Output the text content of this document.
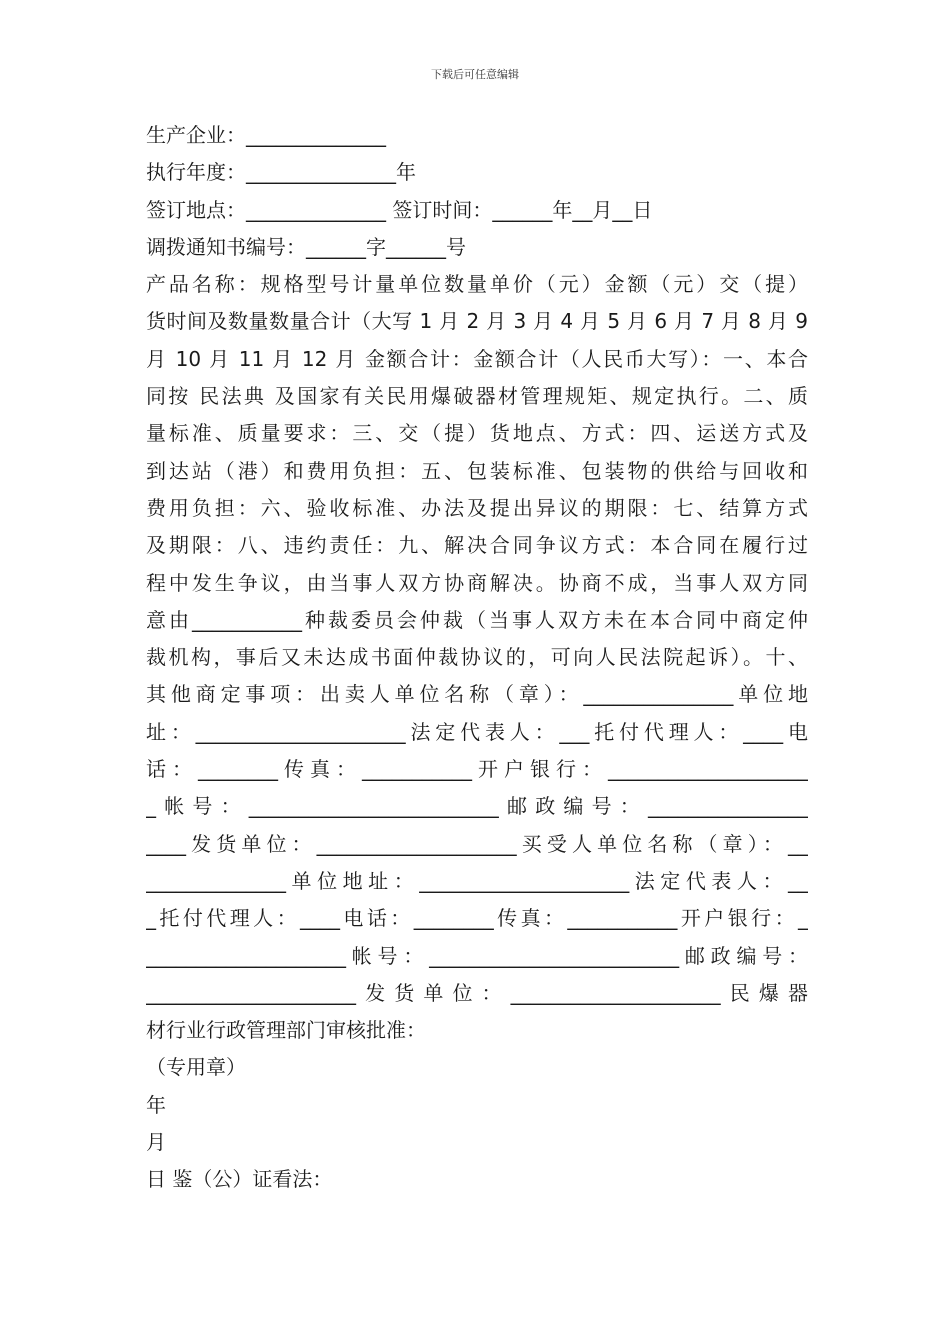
下载后可任意编辑
生产企业：______________
执行年度：_______________年
签订地点：______________ 签订时间：______年__月__日
调拨通知书编号：______字______号
产品名称：规格型号计量单位数量单价（元）金额（元）交（提）
货时间及数量数量合计（大写 1 月 2 月 3 月 4 月 5 月 6 月 7 月 8 月 9
月 10 月 11 月 12 月 金额合计：金额合计（人民币大写）：一、本合
同按 民法典 及国家有关民用爆破器材管理规矩、规定执行。二、质
量标准、质量要求：三、交（提）货地点、方式：四、运送方式及
到达站（港）和费用负担：五、包装标准、包装物的供给与回收和
费用负担：六、验收标准、办法及提出异议的期限：七、结算方式
及期限：八、违约责任：九、解决合同争议方式：本合同在履行过
程中发生争议，由当事人双方协商解决。协商不成，当事人双方同
意由___________种裁委员会仲裁（当事人双方未在本合同中商定仲
裁机构，事后又未达成书面仲裁协议的，可向人民法院起诉）。十、
其他商定事项：出卖人单位名称（章）：_______________单位地
址：_____________________法定代表人：___托付代理人：____电
话：________传真：___________开户银行：____________________
_帐号：_________________________邮政编号：________________
____发货单位：____________________买受人单位名称（章）：__
______________单位地址：_____________________法定代表人：__
_托付代理人：____电话：________传真：___________开户银行：_
____________________帐号：_________________________邮政编号：
_____________________发货单位：_____________________民爆器
材行业行政管理部门审核批准：
（专用章）
年
月
日 鉴（公）证看法：
